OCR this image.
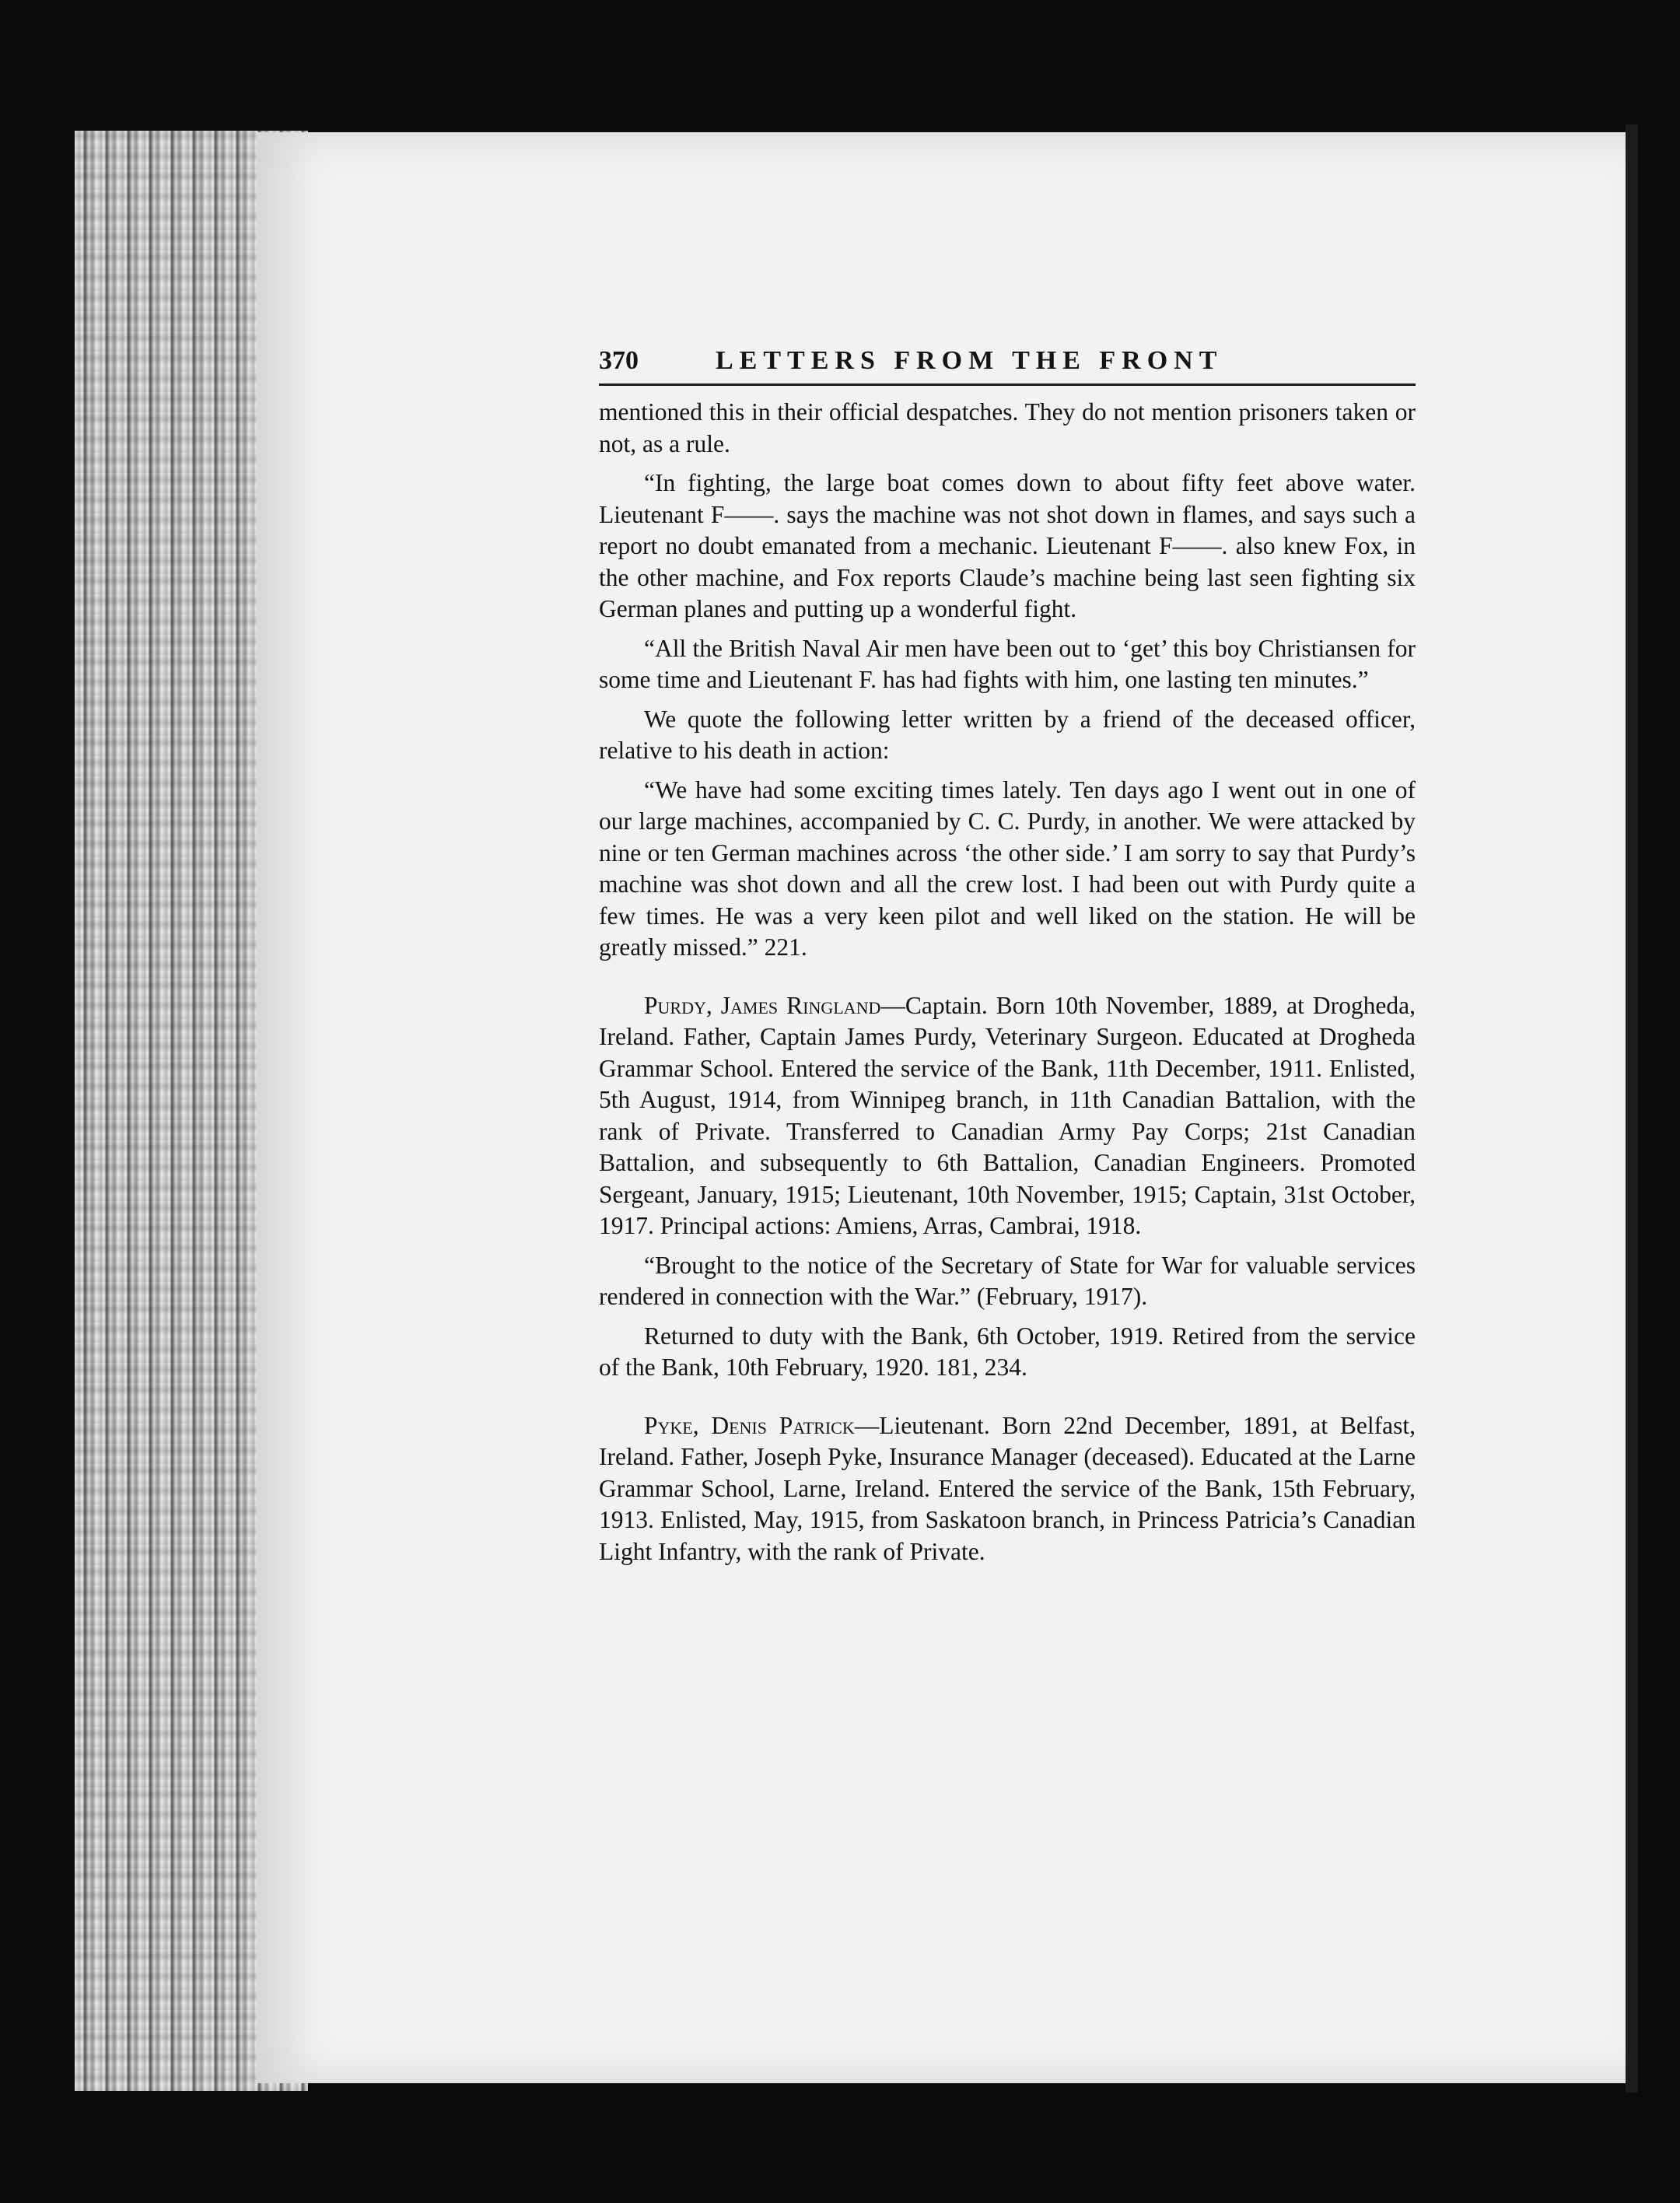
370	LETTERS FROM THE FRONT

mentioned this in their official despatches. They do not mention prisoners taken or not, as a rule.

“In fighting, the large boat comes down to about fifty feet above water. Lieutenant F——. says the machine was not shot down in flames, and says such a report no doubt emanated from a mechanic. Lieutenant F——. also knew Fox, in the other machine, and Fox reports Claude’s machine being last seen fighting six German planes and putting up a wonderful fight.

“All the British Naval Air men have been out to ‘get’ this boy Christiansen for some time and Lieutenant F. has had fights with him, one lasting ten minutes.”

We quote the following letter written by a friend of the deceased officer, relative to his death in action:

“We have had some exciting times lately. Ten days ago I went out in one of our large machines, accompanied by C. C. Purdy, in another. We were attacked by nine or ten German machines across ‘the other side.’ I am sorry to say that Purdy’s machine was shot down and all the crew lost. I had been out with Purdy quite a few times. He was a very keen pilot and well liked on the station. He will be greatly missed.” 221.

Purdy, James Ringland—Captain. Born 10th November, 1889, at Drogheda, Ireland. Father, Captain James Purdy, Veterinary Surgeon. Educated at Drogheda Grammar School. Entered the service of the Bank, 11th December, 1911. Enlisted, 5th August, 1914, from Winnipeg branch, in 11th Canadian Battalion, with the rank of Private. Transferred to Canadian Army Pay Corps; 21st Canadian Battalion, and subsequently to 6th Battalion, Canadian Engineers. Promoted Sergeant, January, 1915; Lieutenant, 10th November, 1915; Captain, 31st October, 1917. Principal actions: Amiens, Arras, Cambrai, 1918.

“Brought to the notice of the Secretary of State for War for valuable services rendered in connection with the War.” (February, 1917).

Returned to duty with the Bank, 6th October, 1919. Retired from the service of the Bank, 10th February, 1920. 181, 234.

Pyke, Denis Patrick—Lieutenant. Born 22nd December, 1891, at Belfast, Ireland. Father, Joseph Pyke, Insurance Manager (deceased). Educated at the Larne Grammar School, Larne, Ireland. Entered the service of the Bank, 15th February, 1913. Enlisted, May, 1915, from Saskatoon branch, in Princess Patricia’s Canadian Light Infantry, with the rank of Private.
